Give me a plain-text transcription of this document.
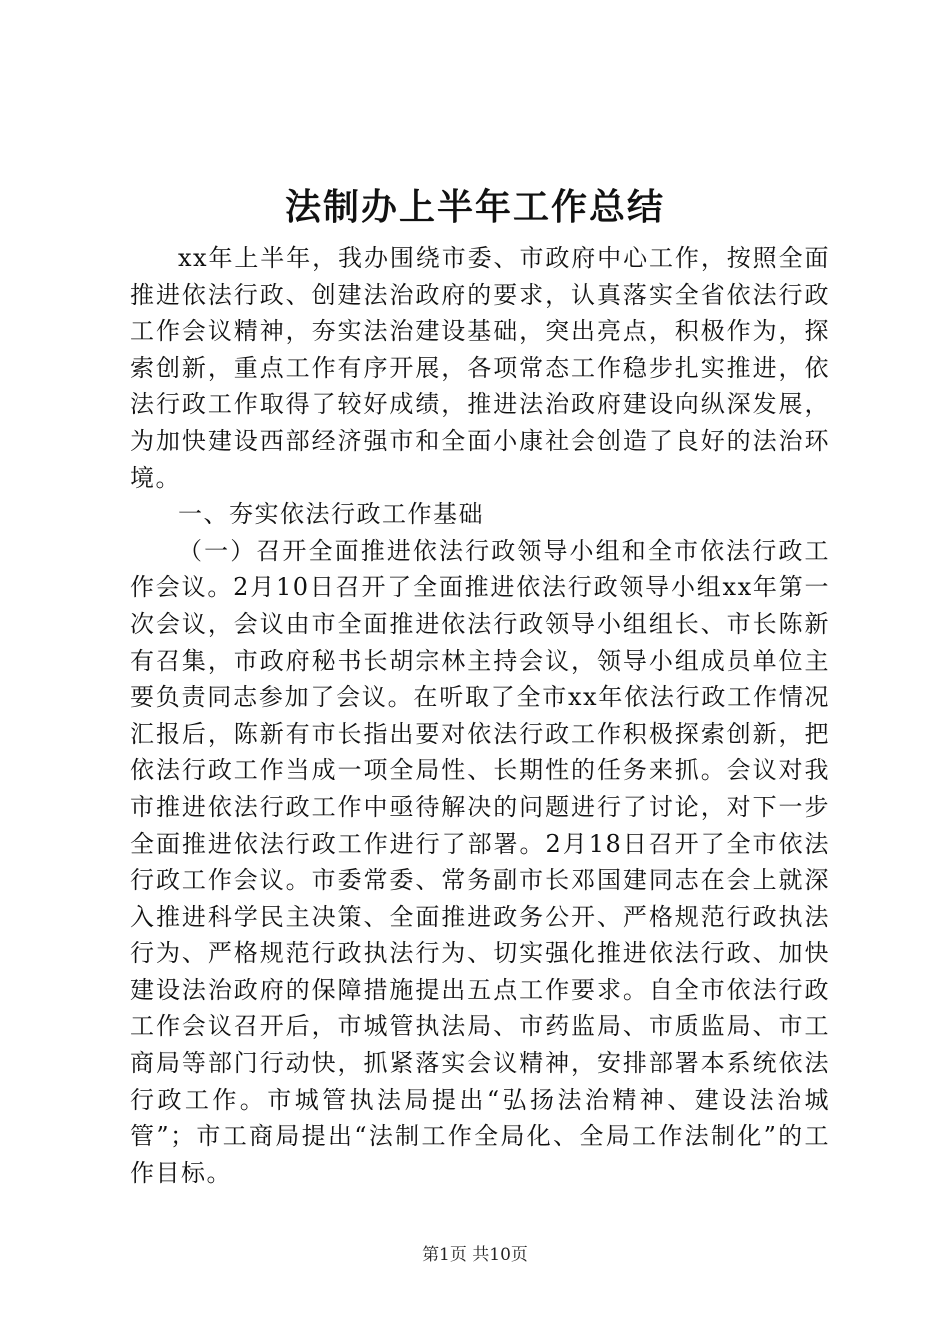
法制办上半年工作总结

xx年上半年，我办围绕市委、市政府中心工作，按照全面推进依法行政、创建法治政府的要求，认真落实全省依法行政工作会议精神，夯实法治建设基础，突出亮点，积极作为，探索创新，重点工作有序开展，各项常态工作稳步扎实推进，依法行政工作取得了较好成绩，推进法治政府建设向纵深发展，为加快建设西部经济强市和全面小康社会创造了良好的法治环境。

一、夯实依法行政工作基础

（一）召开全面推进依法行政领导小组和全市依法行政工作会议。2月10日召开了全面推进依法行政领导小组xx年第一次会议，会议由市全面推进依法行政领导小组组长、市长陈新有召集，市政府秘书长胡宗林主持会议，领导小组成员单位主要负责同志参加了会议。在听取了全市xx年依法行政工作情况汇报后，陈新有市长指出要对依法行政工作积极探索创新，把依法行政工作当成一项全局性、长期性的任务来抓。会议对我市推进依法行政工作中亟待解决的问题进行了讨论，对下一步全面推进依法行政工作进行了部署。2月18日召开了全市依法行政工作会议。市委常委、常务副市长邓国建同志在会上就深入推进科学民主决策、全面推进政务公开、严格规范行政执法行为、严格规范行政执法行为、切实强化推进依法行政、加快建设法治政府的保障措施提出五点工作要求。自全市依法行政工作会议召开后，市城管执法局、市药监局、市质监局、市工商局等部门行动快，抓紧落实会议精神，安排部署本系统依法行政工作。市城管执法局提出“弘扬法治精神、建设法治城管”；市工商局提出“法制工作全局化、全局工作法制化”的工作目标。

第1页 共10页
